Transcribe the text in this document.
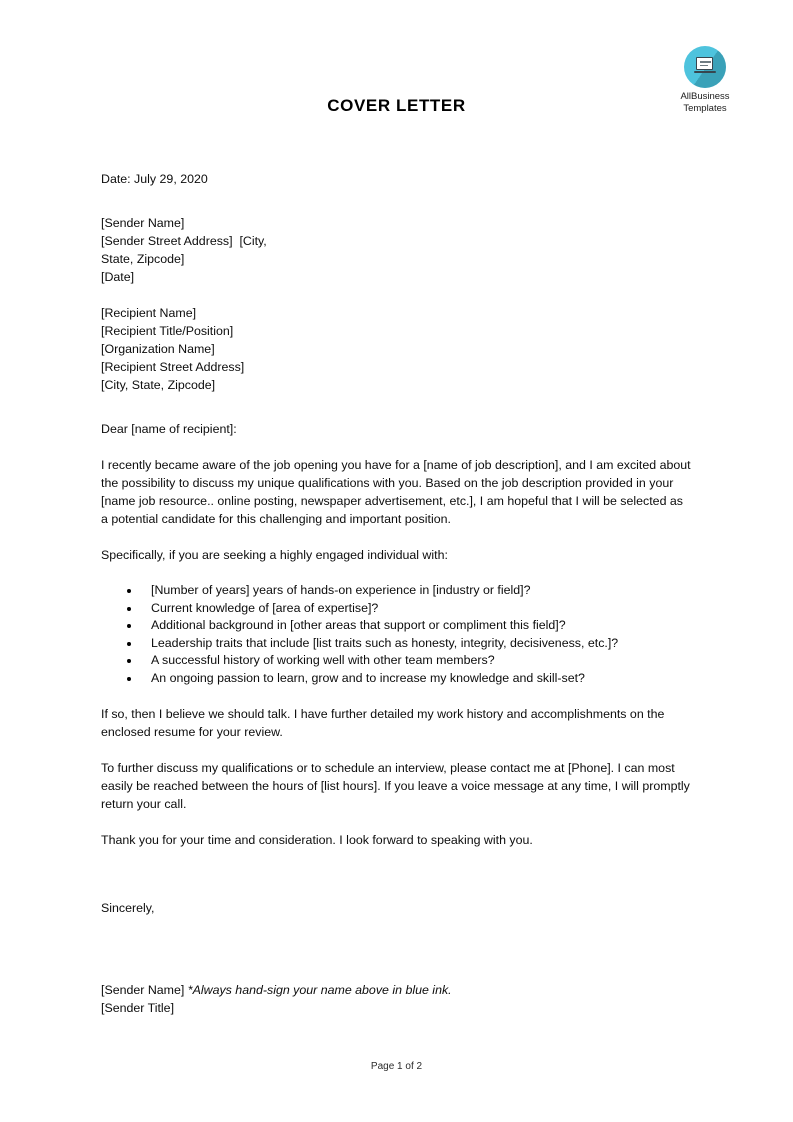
AllBusiness
Templates
COVER LETTER
Date: July 29, 2020
[Sender Name]
[Sender Street Address]  [City,
State, Zipcode]
[Date]
[Recipient Name]
[Recipient Title/Position]
[Organization Name]
[Recipient Street Address]
[City, State, Zipcode]
Dear [name of recipient]:

I recently became aware of the job opening you have for a [name of job description], and I am excited about the possibility to discuss my unique qualifications with you. Based on the job description provided in your [name job resource.. online posting, newspaper advertisement, etc.], I am hopeful that I will be selected as a potential candidate for this challenging and important position.

Specifically, if you are seeking a highly engaged individual with:
[Number of years] years of hands-on experience in [industry or field]?
Current knowledge of [area of expertise]?
Additional background in [other areas that support or compliment this field]?
Leadership traits that include [list traits such as honesty, integrity, decisiveness, etc.]?
A successful history of working well with other team members?
An ongoing passion to learn, grow and to increase my knowledge and skill-set?

If so, then I believe we should talk. I have further detailed my work history and accomplishments on the enclosed resume for your review.

To further discuss my qualifications or to schedule an interview, please contact me at [Phone]. I can most easily be reached between the hours of [list hours]. If you leave a voice message at any time, I will promptly return your call.

Thank you for your time and consideration. I look forward to speaking with you.

Sincerely,
[Sender Name] *Always hand-sign your name above in blue ink.
[Sender Title]
Page 1 of 2
